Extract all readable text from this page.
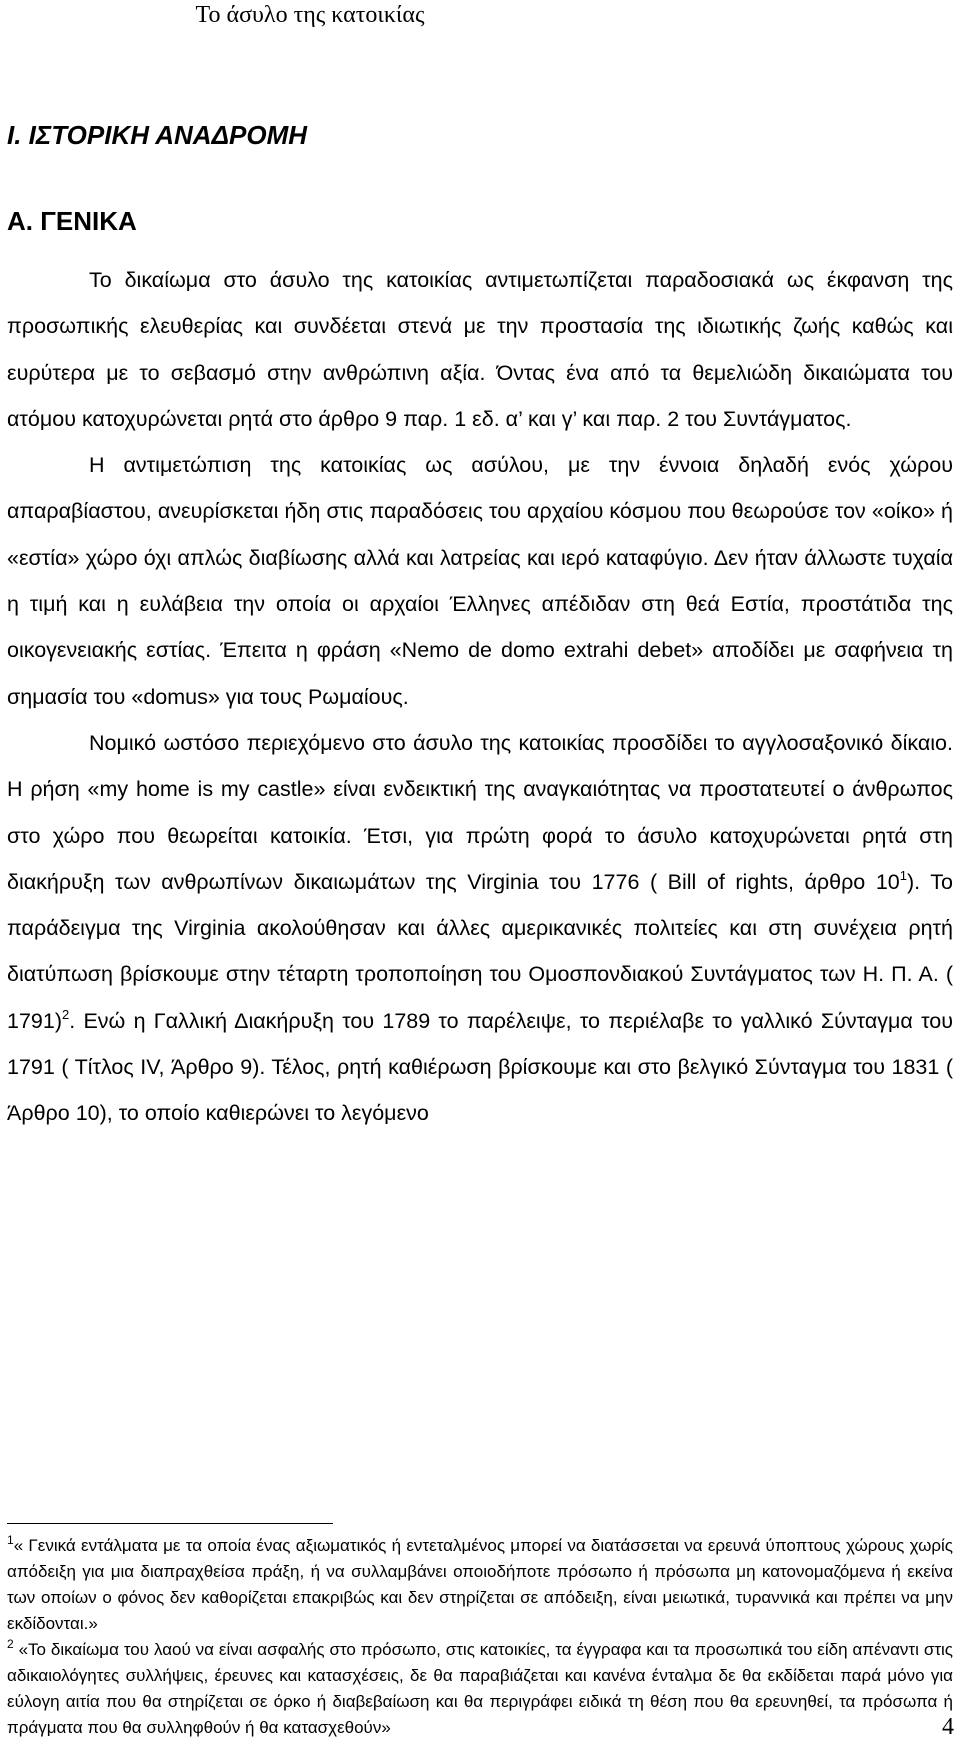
Το άσυλο της κατοικίας
Ι. ΙΣΤΟΡΙΚΗ ΑΝΑΔΡΟΜΗ
Α. ΓΕΝΙΚΑ

Το δικαίωμα στο άσυλο της κατοικίας αντιμετωπίζεται παραδοσιακά ως έκφανση της προσωπικής ελευθερίας και συνδέεται στενά με την προστασία της ιδιωτικής ζωής καθώς και ευρύτερα με το σεβασμό στην ανθρώπινη αξία. Όντας ένα από τα θεμελιώδη δικαιώματα του ατόμου κατοχυρώνεται ρητά στο άρθρο 9 παρ. 1 εδ. α’ και γ’ και παρ. 2 του Συντάγματος.

Η αντιμετώπιση της κατοικίας ως ασύλου, με την έννοια δηλαδή ενός χώρου απαραβίαστου, ανευρίσκεται ήδη στις παραδόσεις του αρχαίου κόσμου που θεωρούσε τον «οίκο» ή «εστία» χώρο όχι απλώς διαβίωσης αλλά και λατρείας και ιερό καταφύγιο. Δεν ήταν άλλωστε τυχαία η τιμή και η ευλάβεια την οποία οι αρχαίοι Έλληνες απέδιδαν στη θεά Εστία, προστάτιδα της οικογενειακής εστίας. Έπειτα η φράση «Nemo de domo extrahi debet» αποδίδει με σαφήνεια τη σημασία του «domus» για τους Ρωμαίους.

Νομικό ωστόσο περιεχόμενο στο άσυλο της κατοικίας προσδίδει το αγγλοσαξονικό δίκαιο. Η ρήση «my home is my castle» είναι ενδεικτική της αναγκαιότητας να προστατευτεί ο άνθρωπος στο χώρο που θεωρείται κατοικία. Έτσι, για πρώτη φορά το άσυλο κατοχυρώνεται ρητά στη διακήρυξη των ανθρωπίνων δικαιωμάτων της Virginia του 1776 ( Bill of rights, άρθρο $10^1$). Το παράδειγμα της Virginia ακολούθησαν και άλλες αμερικανικές πολιτείες και στη συνέχεια ρητή διατύπωση βρίσκουμε στην τέταρτη τροποποίηση του Ομοσπονδιακού Συντάγματος των Η. Π. Α. ( 1791)$^2$. Ενώ η Γαλλική Διακήρυξη του 1789 το παρέλειψε, το περιέλαβε το γαλλικό Σύνταγμα του 1791 ( Τίτλος IV, Άρθρο 9). Τέλος, ρητή καθιέρωση βρίσκουμε και στο βελγικό Σύνταγμα του 1831 ( Άρθρο 10), το οποίο καθιερώνει το λεγόμενο

$^1$« Γενικά εντάλματα με τα οποία ένας αξιωματικός ή εντεταλμένος μπορεί να διατάσσεται να ερευνά ύποπτους χώρους χωρίς απόδειξη για μια διαπραχθείσα πράξη, ή να συλλαμβάνει οποιοδήποτε πρόσωπο ή πρόσωπα μη κατονομαζόμενα ή εκείνα των οποίων ο φόνος δεν καθορίζεται επακριβώς και δεν στηρίζεται σε απόδειξη, είναι μειωτικά, τυραννικά και πρέπει να μην εκδίδονται.»

$^2$ «Το δικαίωμα του λαού να είναι ασφαλής στο πρόσωπο, στις κατοικίες, τα έγγραφα και τα προσωπικά του είδη απέναντι στις αδικαιολόγητες συλλήψεις, έρευνες και κατασχέσεις, δε θα παραβιάζεται και κανένα ένταλμα δε θα εκδίδεται παρά μόνο για εύλογη αιτία που θα στηρίζεται σε όρκο ή διαβεβαίωση και θα περιγράφει ειδικά τη θέση που θα ερευνηθεί, τα πρόσωπα ή πράγματα που θα συλληφθούν ή θα κατασχεθούν»	4
